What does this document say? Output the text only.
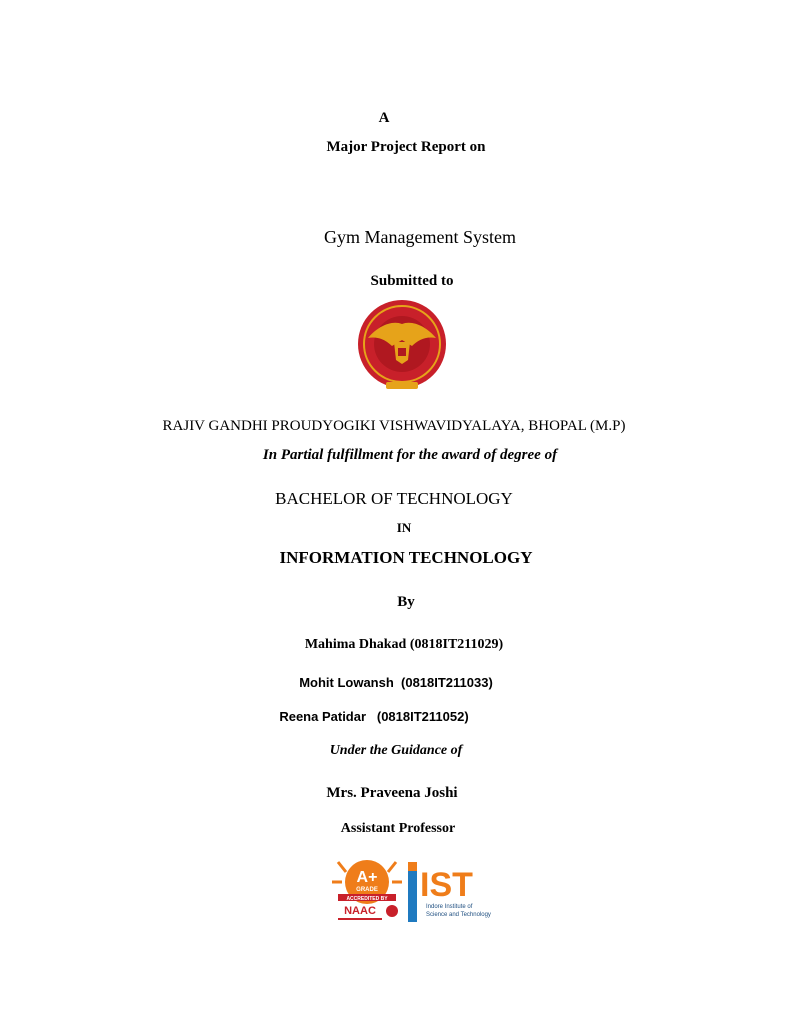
A
Major Project Report on
Gym Management System
Submitted to
RAJIV GANDHI PROUDYOGIKI VISHWAVIDYALAYA, BHOPAL (M.P)
In Partial fulfillment for the award of degree of
BACHELOR OF TECHNOLOGY
IN
INFORMATION TECHNOLOGY
By
Mahima Dhakad (0818IT211029)
Mohit Lowansh  (0818IT211033)
Reena Patidar   (0818IT211052)
Under the Guidance of
Mrs. Praveena Joshi
Assistant Professor
A+
GRADE
ACCREDITED BY
NAAC
IST
Indore Institute of
Science and Technology
